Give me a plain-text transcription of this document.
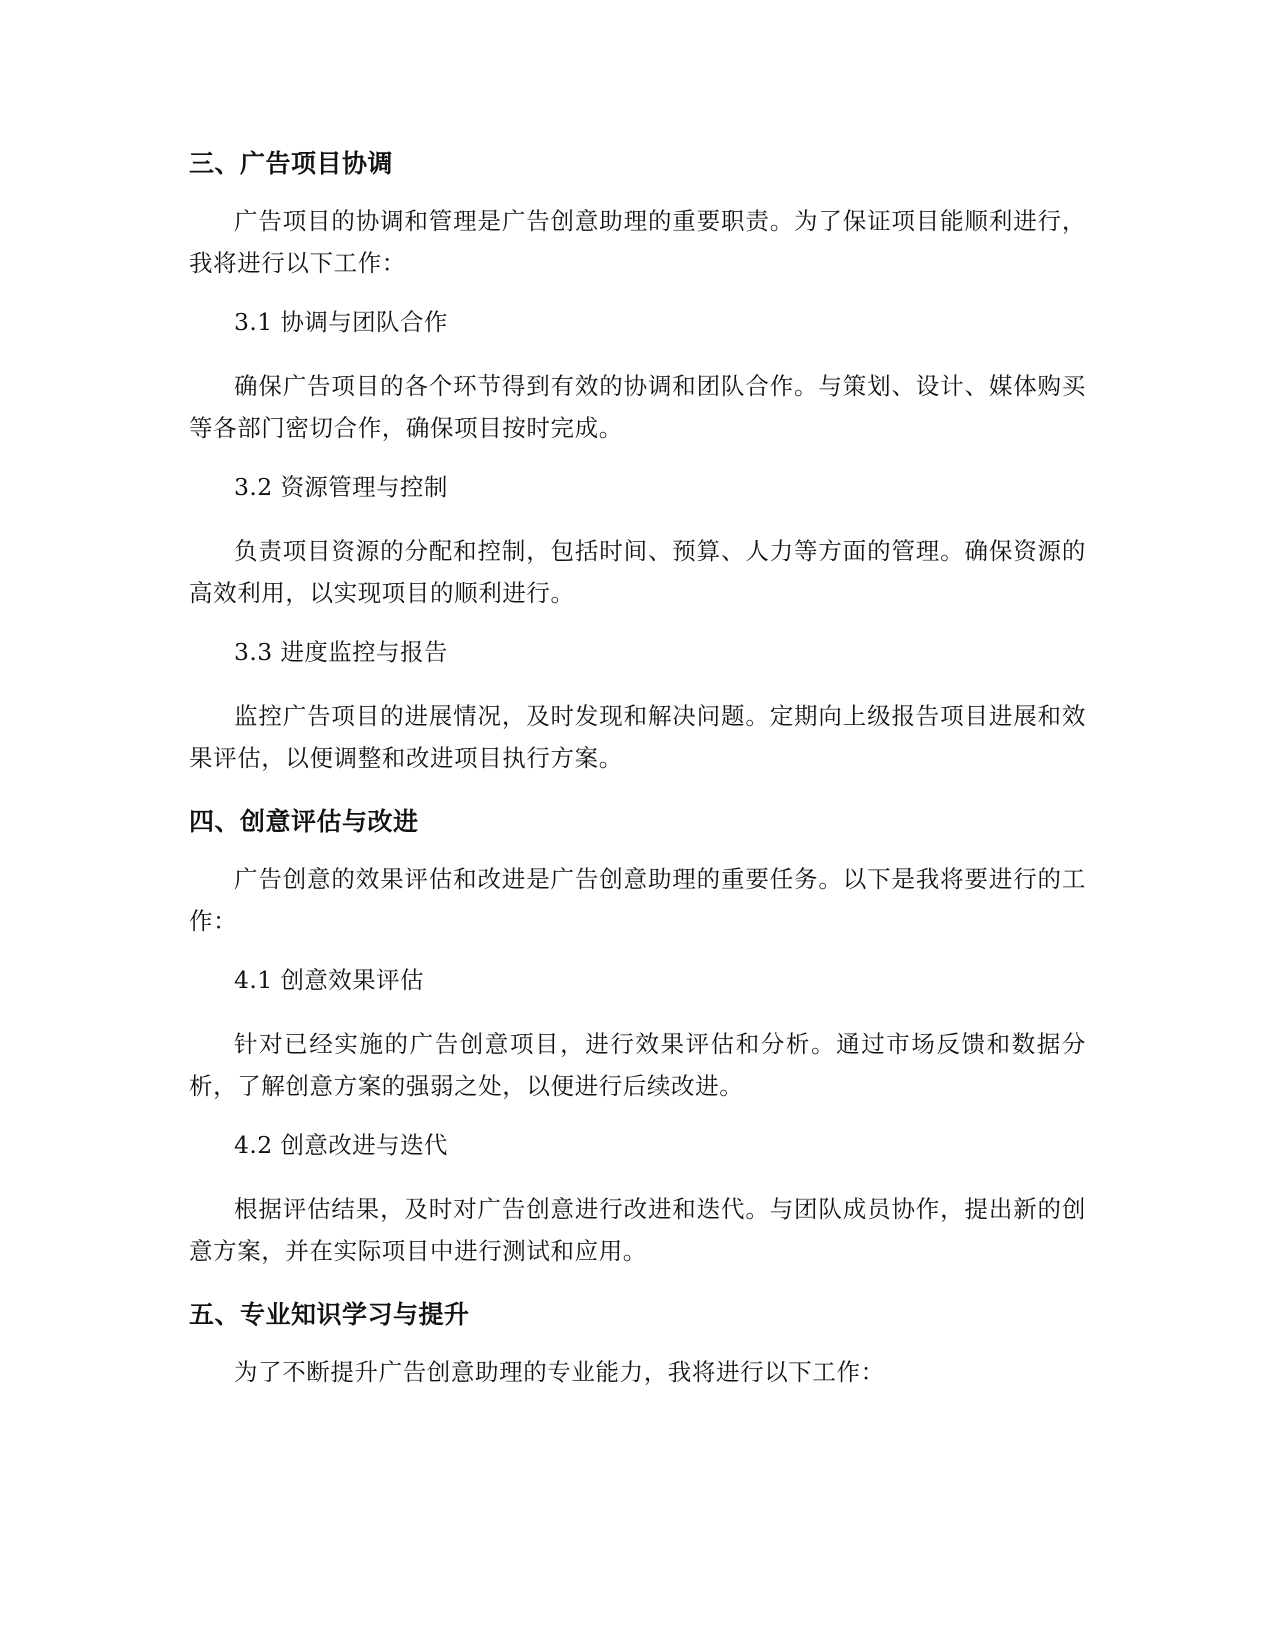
三、广告项目协调

广告项目的协调和管理是广告创意助理的重要职责。为了保证项目能顺利进行，我将进行以下工作：

3.1 协调与团队合作

确保广告项目的各个环节得到有效的协调和团队合作。与策划、设计、媒体购买等各部门密切合作，确保项目按时完成。

3.2 资源管理与控制

负责项目资源的分配和控制，包括时间、预算、人力等方面的管理。确保资源的高效利用，以实现项目的顺利进行。

3.3 进度监控与报告

监控广告项目的进展情况，及时发现和解决问题。定期向上级报告项目进展和效果评估，以便调整和改进项目执行方案。

四、创意评估与改进

广告创意的效果评估和改进是广告创意助理的重要任务。以下是我将要进行的工作：

4.1 创意效果评估

针对已经实施的广告创意项目，进行效果评估和分析。通过市场反馈和数据分析，了解创意方案的强弱之处，以便进行后续改进。

4.2 创意改进与迭代

根据评估结果，及时对广告创意进行改进和迭代。与团队成员协作，提出新的创意方案，并在实际项目中进行测试和应用。

五、专业知识学习与提升

为了不断提升广告创意助理的专业能力，我将进行以下工作：
